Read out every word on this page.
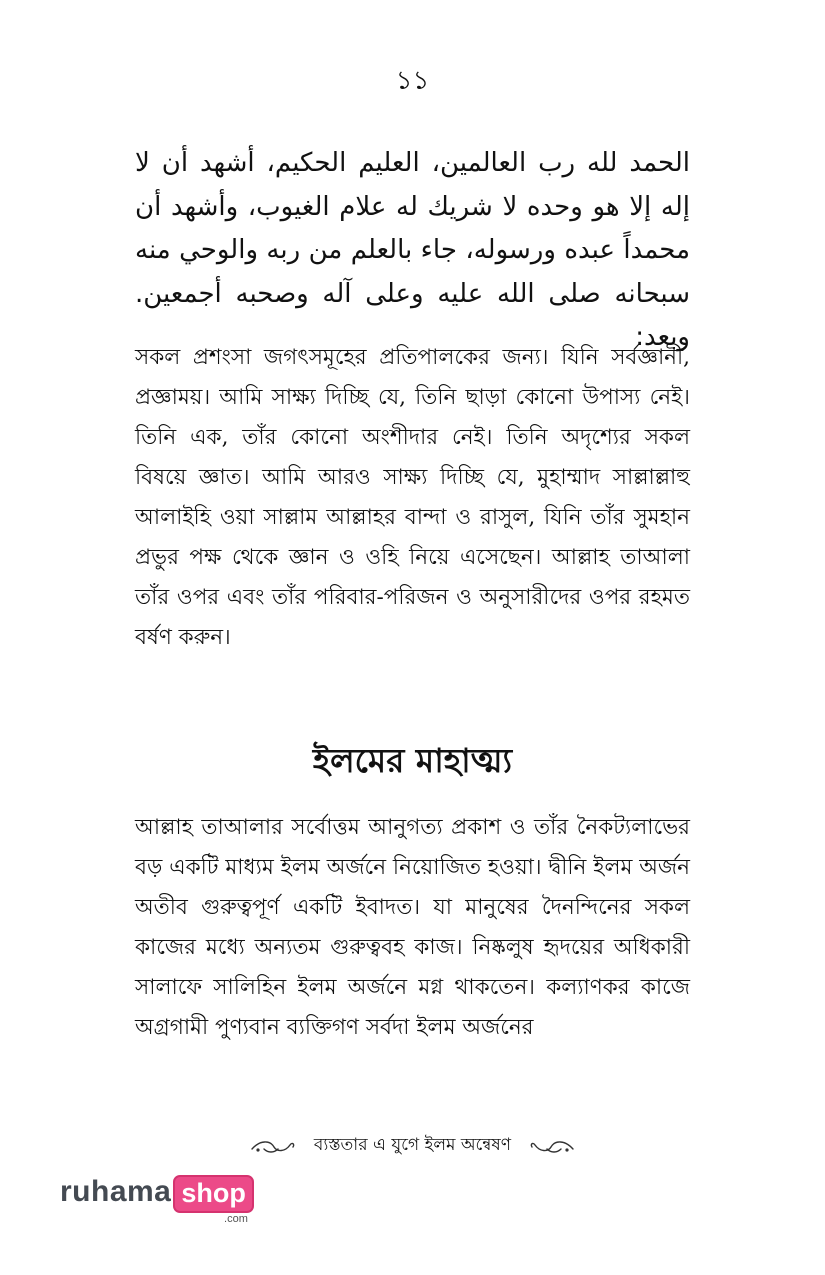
১১
الحمد لله رب العالمين، العليم الحكيم، أشهد أن لا إله إلا هو وحده لا شريك له علام الغيوب، وأشهد أن محمداً عبده ورسوله، جاء بالعلم من ربه والوحي منه سبحانه صلى الله عليه وعلى آله وصحبه أجمعين. وبعد:

সকল প্রশংসা জগৎসমূহের প্রতিপালকের জন্য। যিনি সর্বজ্ঞানী, প্রজ্ঞাময়। আমি সাক্ষ্য দিচ্ছি যে, তিনি ছাড়া কোনো উপাস্য নেই। তিনি এক, তাঁর কোনো অংশীদার নেই। তিনি অদৃশ্যের সকল বিষয়ে জ্ঞাত। আমি আরও সাক্ষ্য দিচ্ছি যে, মুহাম্মাদ সাল্লাল্লাহু আলাইহি ওয়া সাল্লাম আল্লাহর বান্দা ও রাসুল, যিনি তাঁর সুমহান প্রভুর পক্ষ থেকে জ্ঞান ও ওহি নিয়ে এসেছেন। আল্লাহ তাআলা তাঁর ওপর এবং তাঁর পরিবার-পরিজন ও অনুসারীদের ওপর রহমত বর্ষণ করুন।

ইলমের মাহাত্ম্য

আল্লাহ তাআলার সর্বোত্তম আনুগত্য প্রকাশ ও তাঁর নৈকট্যলাভের বড় একটি মাধ্যম ইলম অর্জনে নিয়োজিত হওয়া। দ্বীনি ইলম অর্জন অতীব গুরুত্বপূর্ণ একটি ইবাদত। যা মানুষের দৈনন্দিনের সকল কাজের মধ্যে অন্যতম গুরুত্ববহ কাজ। নিষ্কলুষ হৃদয়ের অধিকারী সালাফে সালিহিন ইলম অর্জনে মগ্ন থাকতেন। কল্যাণকর কাজে অগ্রগামী পুণ্যবান ব্যক্তিগণ সর্বদা ইলম অর্জনের

ব্যস্ততার এ যুগে ইলম অন্বেষণ
ruhama shop
.com
